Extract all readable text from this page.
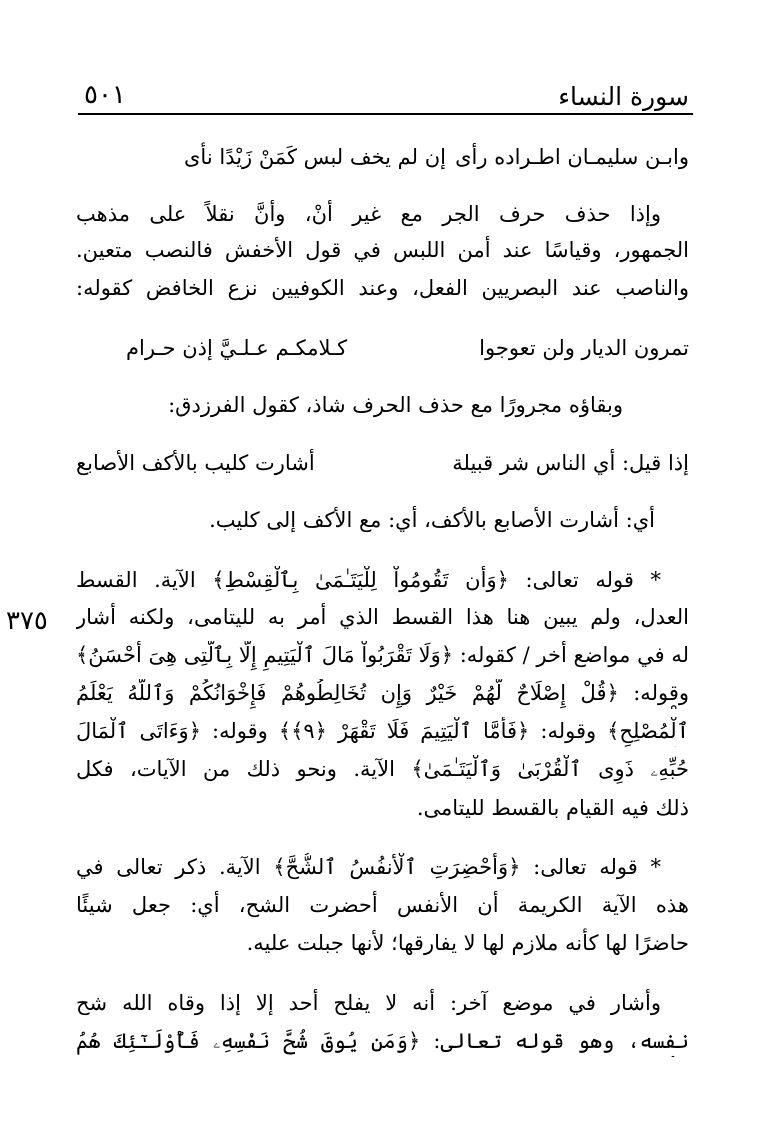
سورة النساء
٥٠١
٣٧٥
وابـن سليمـان اطـراده رأى
إن لم يخف لبس كَمَنْ زَيْدًا نأى
وإذا حذف حرف الجر مع غير أَنْ، وأنَّ نقلاً على مذهب
الجمهور، وقياسًا عند أمن اللبس في قول الأخفش فالنصب متعين.
والناصب عند البصريين الفعل، وعند الكوفيين نزع الخافض كقوله:
تمرون الديار ولن تعوجوا
كـلامكـم عـلـيَّ إذن حـرام
وبقاؤه مجرورًا مع حذف الحرف شاذ، كقول الفرزدق:
إذا قيل: أي الناس شر قبيلة
أشارت كليب بالأكف الأصابع
أي: أشارت الأصابع بالأكف، أي: مع الأكف إلى كليب.
* قوله تعالى: ﴿وَأَن تَقُومُواْ لِلْيَتَـٰمَىٰ بِٱلْقِسْطِ﴾ الآية. القسط
العدل، ولم يبين هنا هذا القسط الذي أمر به لليتامى، ولكنه أشار
له في مواضع أخر / كقوله: ﴿وَلَا تَقْرَبُواْ مَالَ ٱلْيَتِيمِ إِلَّا بِٱلَّتِى هِىَ أَحْسَنُ﴾
وقوله: ﴿قُلْ إِصْلَاحٌ لَّهُمْ خَيْرٌ وَإِن تُخَالِطُوهُمْ فَإِخْوَانُكُمْ وَٱللَّهُ يَعْلَمُ
ٱلْمُصْلِحِ﴾ وقوله: ﴿فَأَمَّا ٱلْيَتِيمَ فَلَا تَقْهَرْ ﴿٩﴾﴾ وقوله: ﴿وَءَاتَى ٱلْمَالَ
حُبِّهِۦ ذَوِى ٱلْقُرْبَىٰ وَٱلْيَتَـٰمَىٰ﴾ الآية. ونحو ذلك من الآيات، فكل
ذلك فيه القيام بالقسط لليتامى.
* قوله تعالى: ﴿وَأُحْضِرَتِ ٱلْأَنفُسُ ٱلشُّحَّ﴾ الآية. ذكر تعالى في
هذه الآية الكريمة أن الأنفس أحضرت الشح، أي: جعل شيئًا
حاضرًا لها كأنه ملازم لها لا يفارقها؛ لأنها جبلت عليه.
وأشار في موضع آخر: أنه لا يفلح أحد إلا إذا وقاه الله شح
نفسه، وهو قوله تعالى: ﴿وَمَن يُوقَ شُحَّ نَفْسِهِۦ فَأُوْلَـٰٓئِكَ هُمُ
